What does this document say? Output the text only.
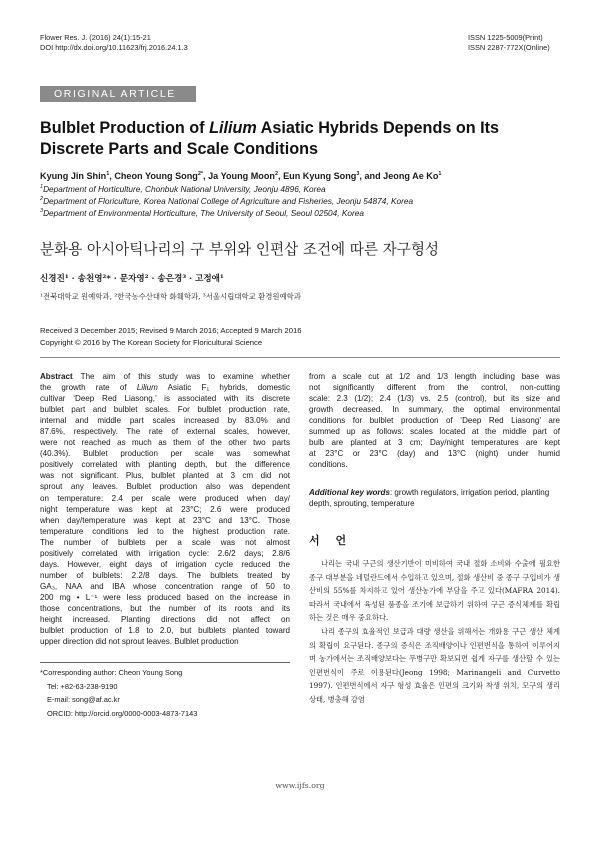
Flower Res. J. (2016) 24(1):15-21
DOI http://dx.doi.org/10.11623/frj.2016.24.1.3
ISSN 1225-5009(Print)
ISSN 2287-772X(Online)
ORIGINAL ARTICLE
Bulblet Production of Lilium Asiatic Hybrids Depends on Its Discrete Parts and Scale Conditions
Kyung Jin Shin$^1$, Cheon Young Song$^{2*}$, Ja Young Moon$^2$, Eun Kyung Song$^3$, and Jeong Ae Ko$^1$
$^1$Department of Horticulture, Chonbuk National University, Jeonju 4896, Korea
$^2$Department of Floriculture, Korea National College of Agriculture and Fisheries, Jeonju 54874, Korea
$^3$Department of Environmental Horticulture, The University of Seoul, Seoul 02504, Korea
분화용 아시아틱나리의 구 부위와 인편삽 조건에 따른 자구형성
신경진¹ · 송천영²* · 문자영² · 송은경³ · 고정애¹
¹전북대학교 원예학과, ²한국농수산대학 화훼학과, ³서울시립대학교 환경원예학과
Received 3 December 2015; Revised 9 March 2016; Accepted 9 March 2016
Copyright © 2016 by The Korean Society for Floricultural Science
Abstract The aim of this study was to examine whether
the growth rate of Lilium Asiatic F₁ hybrids, domestic
cultivar ‘Deep Red Liasong,’ is associated with its discrete
bulblet part and bulblet scales. For bulblet production rate,
internal and middle part scales increased by 83.0% and
87.6%, respectively. The rate of external scales, however,
were not reached as much as them of the other two parts
(40.3%). Bulblet production per scale was somewhat
positively correlated with planting depth, but the difference
was not significant. Plus, bulblet planted at 3 cm did not
sprout any leaves. Bulblet production also was dependent
on temperature: 2.4 per scale were produced when day/
night temperature was kept at 23°C; 2.6 were produced
when day/temperature was kept at 23°C and 13°C. Those
temperature conditions led to the highest production rate.
The number of bulblets per a scale was not almost
positively correlated with irrigation cycle: 2.6/2 days; 2.8/6
days. However, eight days of irrigation cycle reduced the
number of bulblets: 2.2/8 days. The bulblets treated by
GA₃, NAA and IBA whose concentration range of 50 to
200 mg • L⁻¹ were less produced based on the increase in
those concentrations, but the number of its roots and its
height increased. Planting directions did not affect on
bulblet production of 1.8 to 2.0, but bulblets planted toward
upper direction did not sprout leaves. Bulblet production
from a scale cut at 1/2 and 1/3 length including base was
not significantly different from the control, non-cutting
scale: 2.3 (1/2); 2.4 (1/3) vs. 2.5 (control), but its size and
growth decreased. In summary, the optimal environmental
conditions for bulblet production of ‘Deep Red Liasong’ are
summed up as follows: scales located at the middle part of
bulb are planted at 3 cm; Day/night temperatures are kept
at 23°C or 23°C (day) and 13°C (night) under humid
conditions.
Additional key words: growth regulators, irrigation period, planting depth, sprouting, temperature
서 언

나리는 국내 구근의 생산기반이 미비하여 국내 절화 소비와 수출에 필요한 종구 대부분을 네덜란드에서 수입하고 있으며, 절화 생산비 중 종구 구입비가 생산비의 55%를 차지하고 있어 생산농가에 부담을 주고 있다(MAFRA 2014). 따라서 국내에서 육성된 품종을 조기에 보급하기 위하여 구근 증식체계를 확립하는 것은 매우 중요하다.

나리 종구의 효율적인 보급과 대량 생산을 위해서는 개화용 구근 생산 체계의 확립이 요구된다. 종구의 증식은 조직배양이나 인편번식을 통하여 이루어지며 농가에서는 조직배양보다는 무병구만 확보되면 쉽게 자구를 생산할 수 있는 인편번식이 주로 이용된다(Jeong 1998; Marinangeli and Curvetto 1997). 인편번식에서 자구 형성 효율은 인편의 크기와 착생 위치, 모구의 생리 상태, 병충해 감염

*Corresponding author: Cheon Young Song
Tel: +82-63-238-9190
E-mail: song@af.ac.kr
ORCID: http://orcid.org/0000-0003-4873-7143
www.ijfs.org
